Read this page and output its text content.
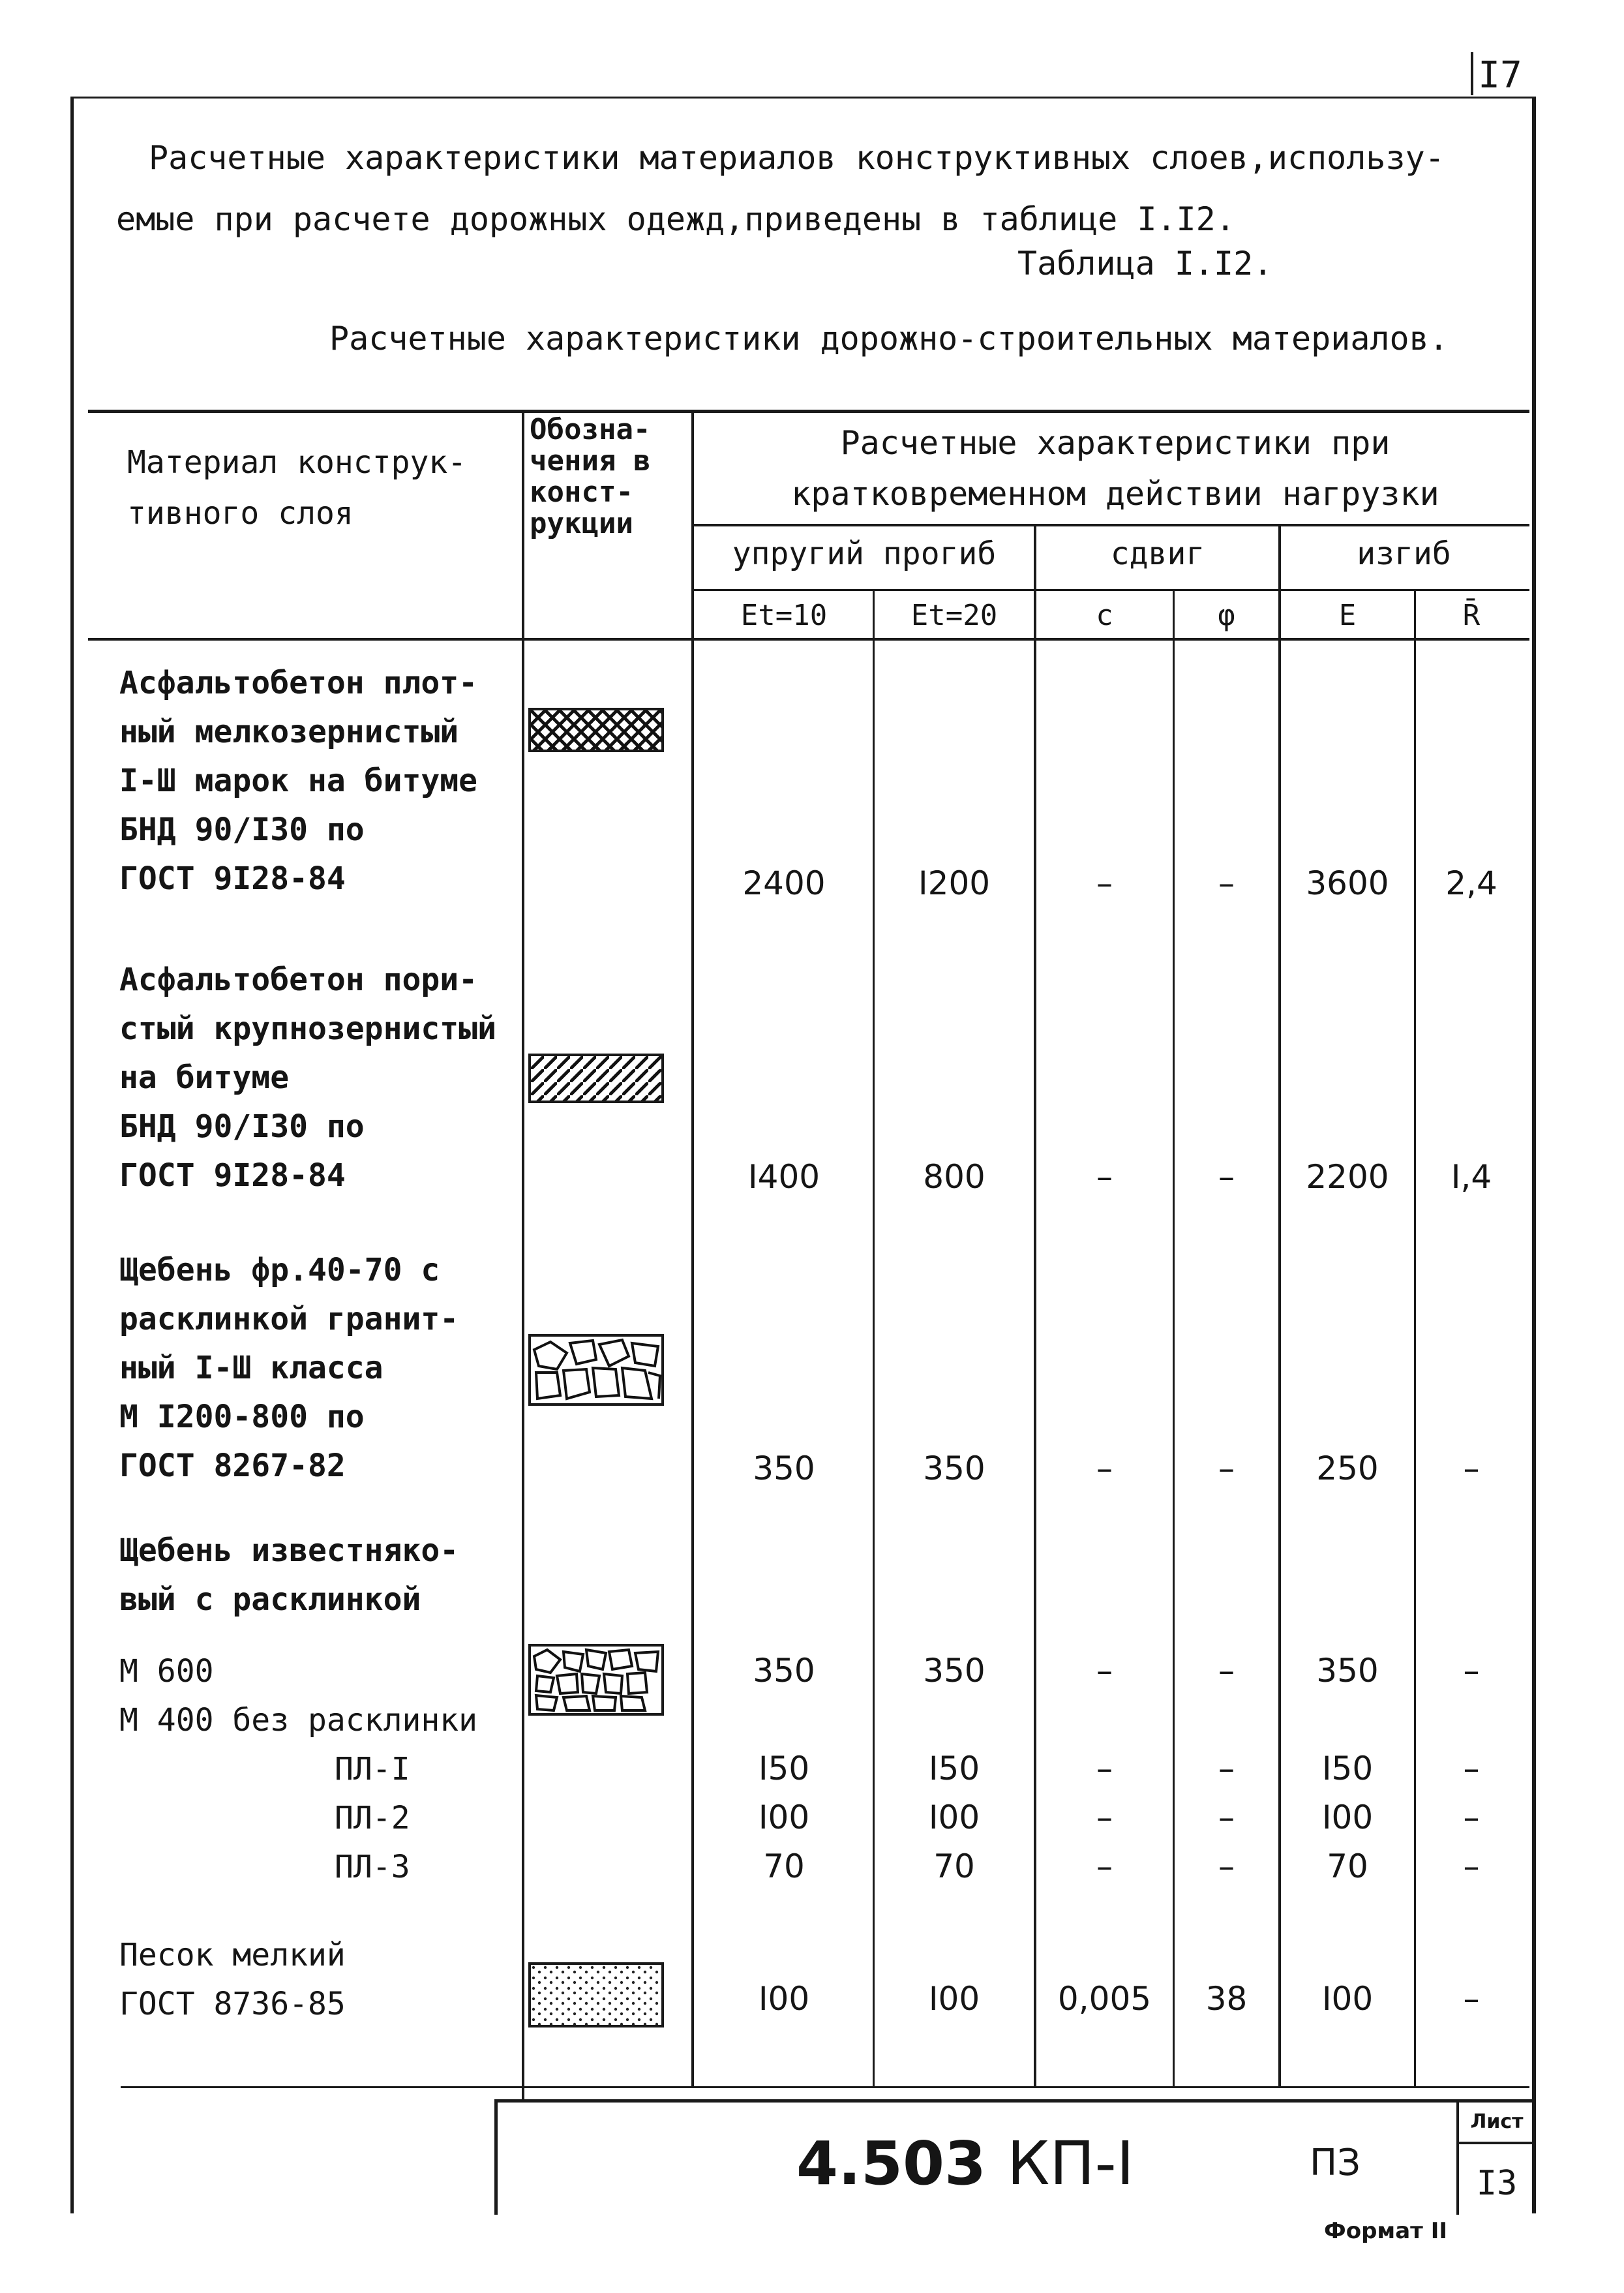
I7
Расчетные характеристики материалов конструктивных слоев,использу-
емые при расчете дорожных одежд,приведены в таблице I.I2.
Таблица I.I2.
Расчетные характеристики дорожно-строительных материалов.
Материал конструк-тивного слоя
Обозна-чения в конст-рукции
Расчетные характеристики при кратковременном действии нагрузки
упругий прогиб	сдвиг	изгиб
Et=10	Et=20	c	φ	E	R̄
Асфальтобетон плот-
ный мелкозернистый
I-Ш марок на битуме
БНД 90/I30 по
ГОСТ 9I28-84	2400	I200	–	–	3600	2,4
Асфальтобетон пори-
стый крупнозернистый
на битуме
БНД 90/I30 по
ГОСТ 9I28-84	I400	800	–	–	2200	I,4
Щебень фр.40-70 с
расклинкой гранит-
ный I-Ш класса
М I200-800 по
ГОСТ 8267-82	350	350	–	–	250	–
Щебень известняко-
вый с расклинкой
М 600	350	350	–	–	350	–
М 400 без расклинки
ПЛ-I	I50	I50	–	–	I50	–
ПЛ-2	I00	I00	–	–	I00	–
ПЛ-3	70	70	–	–	70	–
Песок мелкий
ГОСТ 8736-85	I00	I00	0,005	38	I00	–
4.503 КП-I	ПЗ
Лист
I3
Формат II
